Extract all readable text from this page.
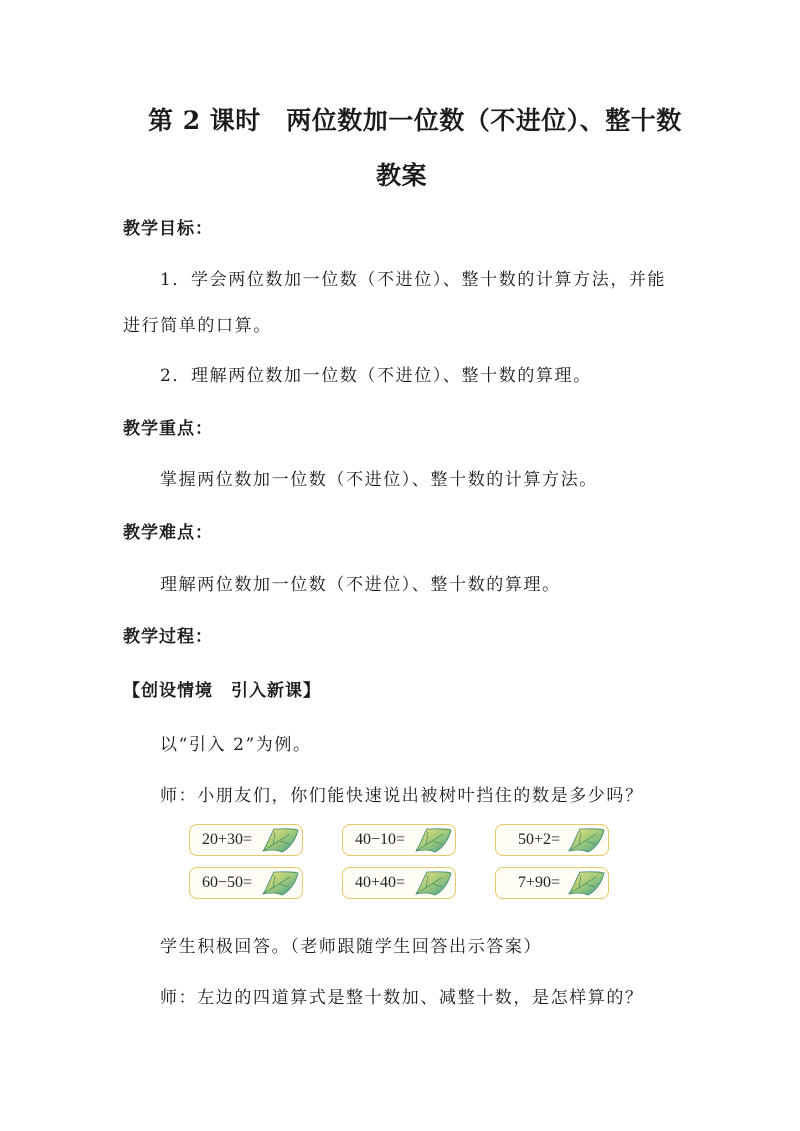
第 2 课时　两位数加一位数（不进位）、整十数
教案
教学目标：
1．学会两位数加一位数（不进位）、整十数的计算方法，并能
进行简单的口算。
2．理解两位数加一位数（不进位）、整十数的算理。
教学重点：
掌握两位数加一位数（不进位）、整十数的计算方法。
教学难点：
理解两位数加一位数（不进位）、整十数的算理。
教学过程：
【创设情境　引入新课】
以“引入 2”为例。
师：小朋友们，你们能快速说出被树叶挡住的数是多少吗？
20+30=	40−10=	50+2=
60−50=	40+40=	7+90=
学生积极回答。（老师跟随学生回答出示答案）
师：左边的四道算式是整十数加、减整十数，是怎样算的？
